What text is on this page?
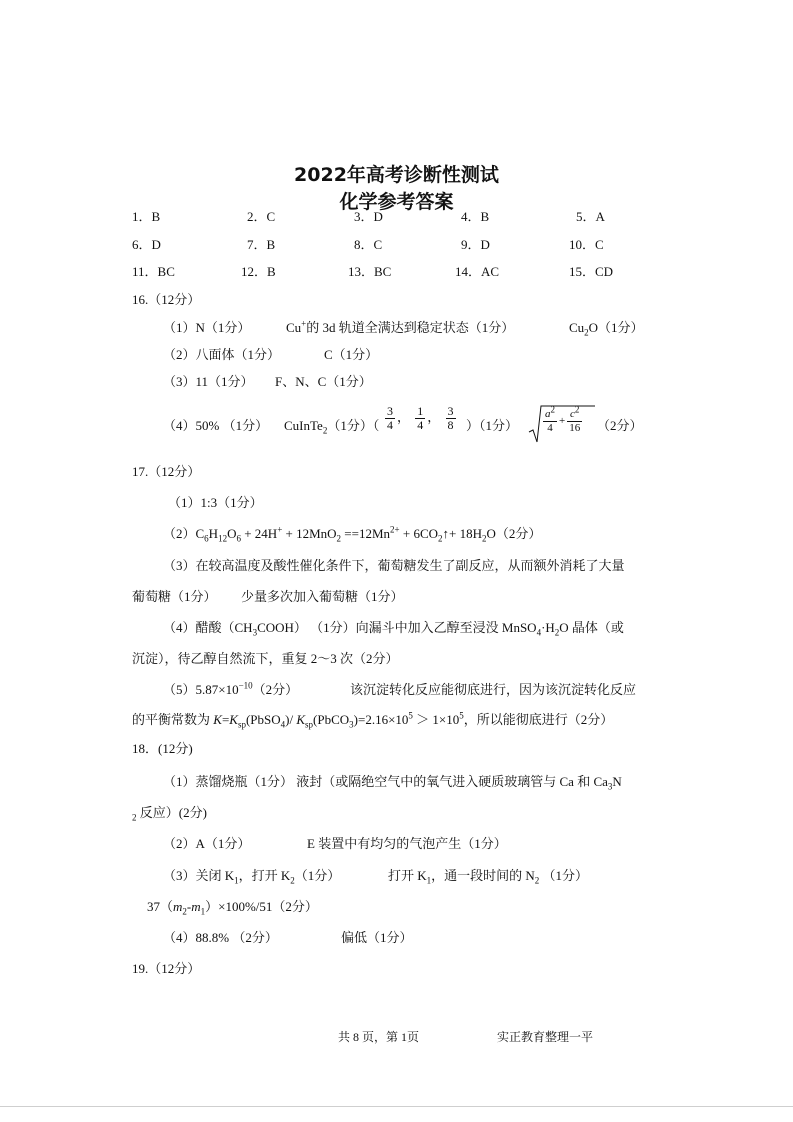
2022年高考诊断性测试
化学参考答案
1．B	2．C	3．D	4．B	5．A
6．D	7．B	8．C	9．D	10．C
11．BC	12．B	13．BC	14．AC	15．CD
16.（12分）
（1）N（1分）	Cu+的 3d 轨道全满达到稳定状态（1分）	$Cu_2O(1$分）
（2）八面体（1分）	C（1分）
（3）11（1分） F、N、C（1分）
（4）50% （1分） CuInTe$_2$（1分）（ $\frac{3}{4}$ ， $\frac{1}{4}$ ， $\frac{3}{8} )(1$分） $\frac{a^2}{4} + \frac{c^2}{16} (2$分）
17.（12分）
（1）1:3（1分）
$(2)C_6H_{12}O_6 + 24H^+ + 12MnO_2 ==12Mn^{2+}$ + $6CO_2↑+ 18H_2O(2$分）
（3）在较高温度及酸性催化条件下，葡萄糖发生了副反应，从而额外消耗了大量
葡萄糖（1分） 少量多次加入葡萄糖（1分）
（4）醋酸$(CH_3COOH)$ （1分）向漏斗中加入乙醇至浸没 $MnSO_4\cdot H_2O$ 晶体（或
沉淀），待乙醇自然流下，重复 2～3 次（2分）
$(5)5.87\times 10^{-10}(2$分）	该沉淀转化反应能彻底进行，因为该沉淀转化反应
的平衡常数为 $K=K_{sp}(PbSO_4)/$ $K_{sp}(PbCO_3)=2.16\times 10^5 > 1\times 10^5$，所以能彻底进行（2分）
18．(12分)
（1）蒸馏烧瓶（1分） 液封（或隔绝空气中的氧气进入硬质玻璃管与 Ca 和 $Ca_3N$
$_2$ 反应）(2分)
（2）A（1分）	E 装置中有均匀的气泡产生（1分）
（3）关闭 $K_1$，打开 $K_2(1$分）	打开 $K_1$，通一段时间的 $N_2$ （1分）
$37(m_2-m_1)\times 100\%/51(2$分）
（4）88.8% （2分）	偏低（1分）
19.（12分）
共 8 页，第 1页	实正教育整理一平
